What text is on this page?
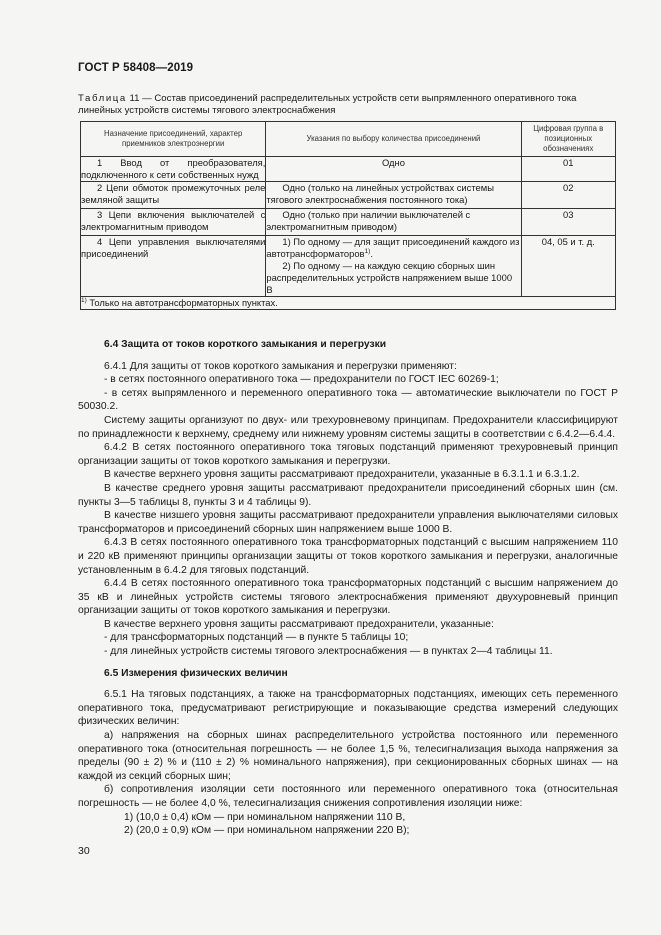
ГОСТ Р 58408—2019
Таблица 11 — Состав присоединений распределительных устройств сети выпрямленного оперативного тока линейных устройств системы тягового электроснабжения
Назначение присоединений, характер приемников электроэнергии	Указания по выбору количества присоединений	Цифровая группа в позиционных обозначениях

1 Ввод от преобразователя, подключенного к сети собственных нужд	Одно	01

2 Цепи обмоток промежуточных реле земляной защиты	Одно (только на линейных устройствах системы тягового электроснабжения постоянного тока)	02

3 Цепи включения выключателей с электромагнитным приводом	Одно (только при наличии выключателей с электромагнитным приводом)	03

4 Цепи управления выключателями присоединений	1) По одному — для защит присоединений каждого из автотрансформаторов$^{1)}$.
2) По одному — на каждую секцию сборных шин распределительных устройств напряжением выше 1000 В	04, 05 и т. д.
$^{1)}$ Только на автотрансформаторных пунктах.		

6.4 Защита от токов короткого замыкания и перегрузки

6.4.1 Для защиты от токов короткого замыкания и перегрузки применяют:

- в сетях постоянного оперативного тока — предохранители по ГОСТ IEC 60269-1;

- в сетях выпрямленного и переменного оперативного тока — автоматические выключатели по ГОСТ Р 50030.2.

Систему защиты организуют по двух- или трехуровневому принципам. Предохранители классифицируют по принадлежности к верхнему, среднему или нижнему уровням системы защиты в соответствии с 6.4.2—6.4.4.

6.4.2 В сетях постоянного оперативного тока тяговых подстанций применяют трехуровневый принцип организации защиты от токов короткого замыкания и перегрузки.

В качестве верхнего уровня защиты рассматривают предохранители, указанные в 6.3.1.1 и 6.3.1.2.

В качестве среднего уровня защиты рассматривают предохранители присоединений сборных шин (см. пункты 3—5 таблицы 8, пункты 3 и 4 таблицы 9).

В качестве низшего уровня защиты рассматривают предохранители управления выключателями силовых трансформаторов и присоединений сборных шин напряжением выше 1000 В.

6.4.3 В сетях постоянного оперативного тока трансформаторных подстанций с высшим напряжением 110 и 220 кВ применяют принципы организации защиты от токов короткого замыкания и перегрузки, аналогичные установленным в 6.4.2 для тяговых подстанций.

6.4.4 В сетях постоянного оперативного тока трансформаторных подстанций с высшим напряжением до 35 кВ и линейных устройств системы тягового электроснабжения применяют двухуровневый принцип организации защиты от токов короткого замыкания и перегрузки.

В качестве верхнего уровня защиты рассматривают предохранители, указанные:

- для трансформаторных подстанций — в пункте 5 таблицы 10;

- для линейных устройств системы тягового электроснабжения — в пунктах 2—4 таблицы 11.

6.5 Измерения физических величин

6.5.1 На тяговых подстанциях, а также на трансформаторных подстанциях, имеющих сеть переменного оперативного тока, предусматривают регистрирующие и показывающие средства измерений следующих физических величин:

а) напряжения на сборных шинах распределительного устройства постоянного или переменного оперативного тока (относительная погрешность — не более 1,5 %, телесигнализация выхода напряжения за пределы (90 ± 2) % и (110 ± 2) % номинального напряжения), при секционированных сборных шинах — на каждой из секций сборных шин;

б) сопротивления изоляции сети постоянного или переменного оперативного тока (относительная погрешность — не более 4,0 %, телесигнализация снижения сопротивления изоляции ниже:

1) (10,0 ± 0,4) кОм — при номинальном напряжении 110 В,

2) (20,0 ± 0,9) кОм — при номинальном напряжении 220 В);

30
